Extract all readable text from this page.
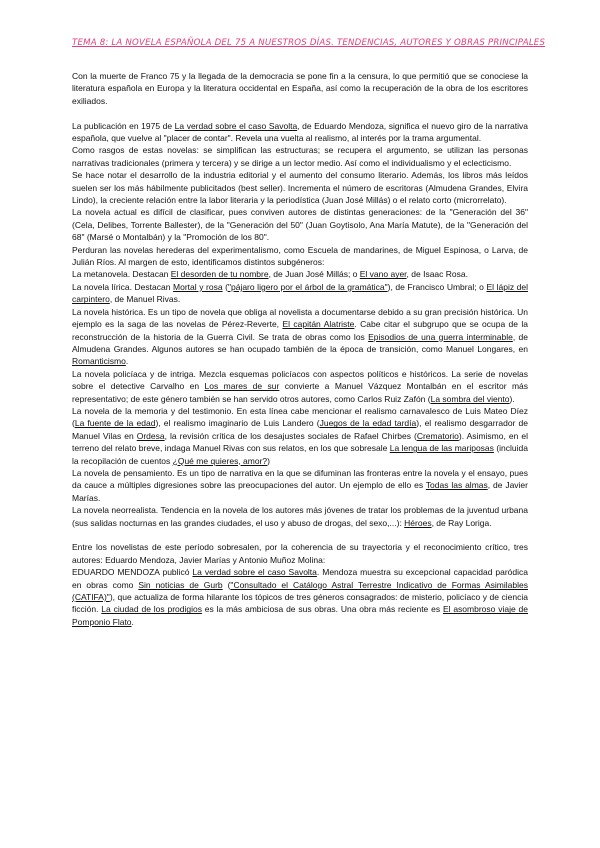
TEMA 8: LA NOVELA ESPAÑOLA DEL 75 A NUESTROS DÍAS. TENDENCIAS, AUTORES Y OBRAS PRINCIPALES

Con la muerte de Franco 75 y la llegada de la democracia se pone fin a la censura, lo que permitió que se conociese la literatura española en Europa y la literatura occidental en España, así como la recuperación de la obra de los escritores exiliados.

La publicación en 1975 de La verdad sobre el caso Savolta, de Eduardo Mendoza, significa el nuevo giro de la narrativa española, que vuelve al "placer de contar". Revela una vuelta al realismo, al interés por la trama argumental.

Como rasgos de estas novelas: se simplifican las estructuras; se recupera el argumento, se utilizan las personas narrativas tradicionales (primera y tercera) y se dirige a un lector medio. Así como el individualismo y el eclecticismo.

Se hace notar el desarrollo de la industria editorial y el aumento del consumo literario. Además, los libros más leídos suelen ser los más hábilmente publicitados (best seller). Incrementa el número de escritoras (Almudena Grandes, Elvira Lindo), la creciente relación entre la labor literaria y la periodística (Juan José Millás) o el relato corto (microrrelato).

La novela actual es difícil de clasificar, pues conviven autores de distintas generaciones: de la "Generación del 36" (Cela, Delibes, Torrente Ballester), de la "Generación del 50" (Juan Goytisolo, Ana María Matute), de la "Generación del 68" (Marsé o Montalbán) y la "Promoción de los 80".

Perduran las novelas herederas del experimentalismo, como Escuela de mandarines, de Miguel Espinosa, o Larva, de Julián Ríos. Al margen de esto, identificamos distintos subgéneros:

La metanovela. Destacan El desorden de tu nombre, de Juan José Millás; o El vano ayer, de Isaac Rosa.

La novela lírica. Destacan Mortal y rosa ("pájaro ligero por el árbol de la gramática"), de Francisco Umbral; o El lápiz del carpintero, de Manuel Rivas.

La novela histórica. Es un tipo de novela que obliga al novelista a documentarse debido a su gran precisión histórica. Un ejemplo es la saga de las novelas de Pérez-Reverte, El capitán Alatriste. Cabe citar el subgrupo que se ocupa de la reconstrucción de la historia de la Guerra Civil. Se trata de obras como los Episodios de una guerra interminable, de Almudena Grandes. Algunos autores se han ocupado también de la época de transición, como Manuel Longares, en Romanticismo.

La novela policíaca y de intriga. Mezcla esquemas policíacos con aspectos políticos e históricos. La serie de novelas sobre el detective Carvalho en Los mares de sur convierte a Manuel Vázquez Montalbán en el escritor más representativo; de este género también se han servido otros autores, como Carlos Ruiz Zafón (La sombra del viento).

La novela de la memoria y del testimonio. En esta línea cabe mencionar el realismo carnavalesco de Luis Mateo Díez (La fuente de la edad), el realismo imaginario de Luis Landero (Juegos de la edad tardía), el realismo desgarrador de Manuel Vilas en Ordesa, la revisión crítica de los desajustes sociales de Rafael Chirbes (Crematorio). Asimismo, en el terreno del relato breve, indaga Manuel Rivas con sus relatos, en los que sobresale La lengua de las mariposas (incluida la recopilación de cuentos ¿Qué me quieres, amor?)

La novela de pensamiento. Es un tipo de narrativa en la que se difuminan las fronteras entre la novela y el ensayo, pues da cauce a múltiples digresiones sobre las preocupaciones del autor. Un ejemplo de ello es Todas las almas, de Javier Marías.

La novela neorrealista. Tendencia en la novela de los autores más jóvenes de tratar los problemas de la juventud urbana (sus salidas nocturnas en las grandes ciudades, el uso y abuso de drogas, del sexo,...): Héroes, de Ray Loriga.

Entre los novelistas de este período sobresalen, por la coherencia de su trayectoria y el reconocimiento crítico, tres autores: Eduardo Mendoza, Javier Marías y Antonio Muñoz Molina:

EDUARDO MENDOZA publicó La verdad sobre el caso Savolta. Mendoza muestra su excepcional capacidad paródica en obras como Sin noticias de Gurb ("Consultado el Catálogo Astral Terrestre Indicativo de Formas Asimilables (CATIFA)"), que actualiza de forma hilarante los tópicos de tres géneros consagrados: de misterio, policíaco y de ciencia ficción. La ciudad de los prodigios es la más ambiciosa de sus obras. Una obra más reciente es El asombroso viaje de Pomponio Flato.
